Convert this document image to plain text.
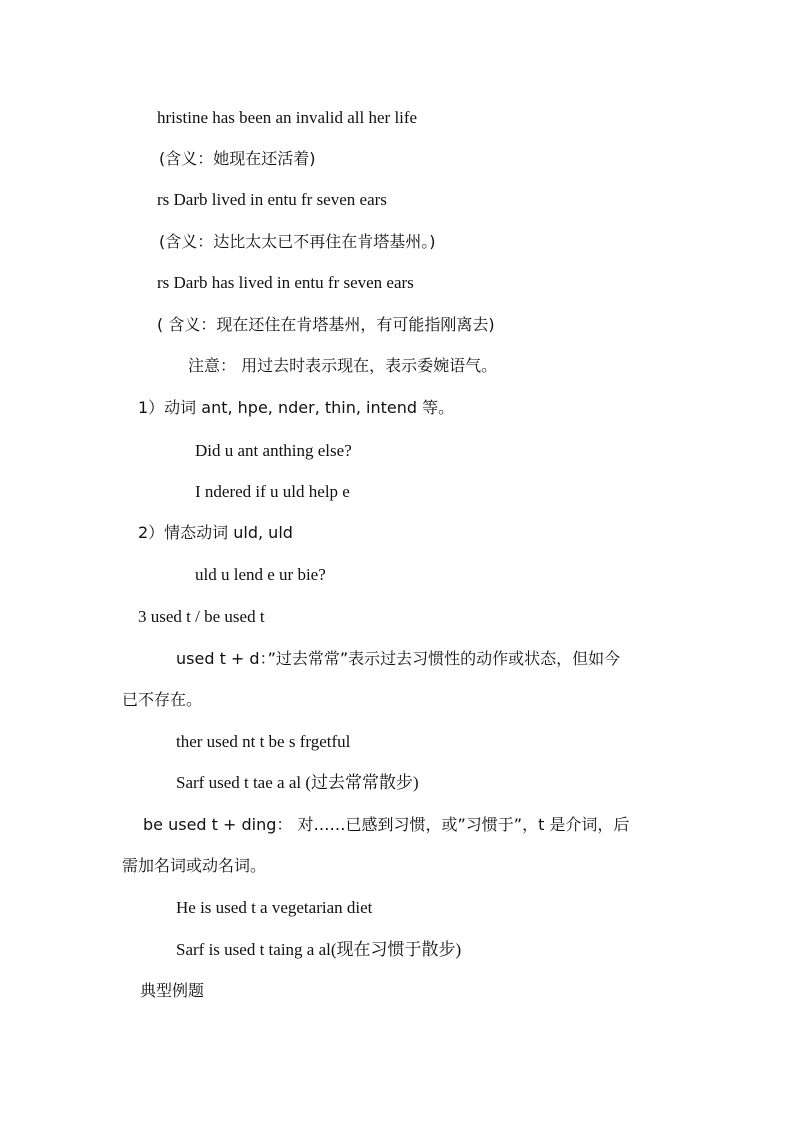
hristine has been an invalid all her life
(含义：她现在还活着)
rs Darb lived in entu fr seven ears
(含义：达比太太已不再住在肯塔基州。)
rs Darb has lived in entu fr seven ears
( 含义：现在还住在肯塔基州，有可能指刚离去)
注意： 用过去时表示现在，表示委婉语气。
1）动词 ant, hpe, nder, thin, intend 等。
Did u ant anthing else?
I ndered if u uld help e
2）情态动词 uld, uld
uld u lend e ur bie?
3 used t / be used t
used t + d：”过去常常”表示过去习惯性的动作或状态，但如今
已不存在。
ther used nt t be s frgetful
Sarf used t tae a al (过去常常散步)
be used t + ding： 对……已感到习惯，或”习惯于”，t 是介词，后
需加名词或动名词。
He is used t a vegetarian diet
Sarf is used t taing a al(现在习惯于散步)
典型例题
